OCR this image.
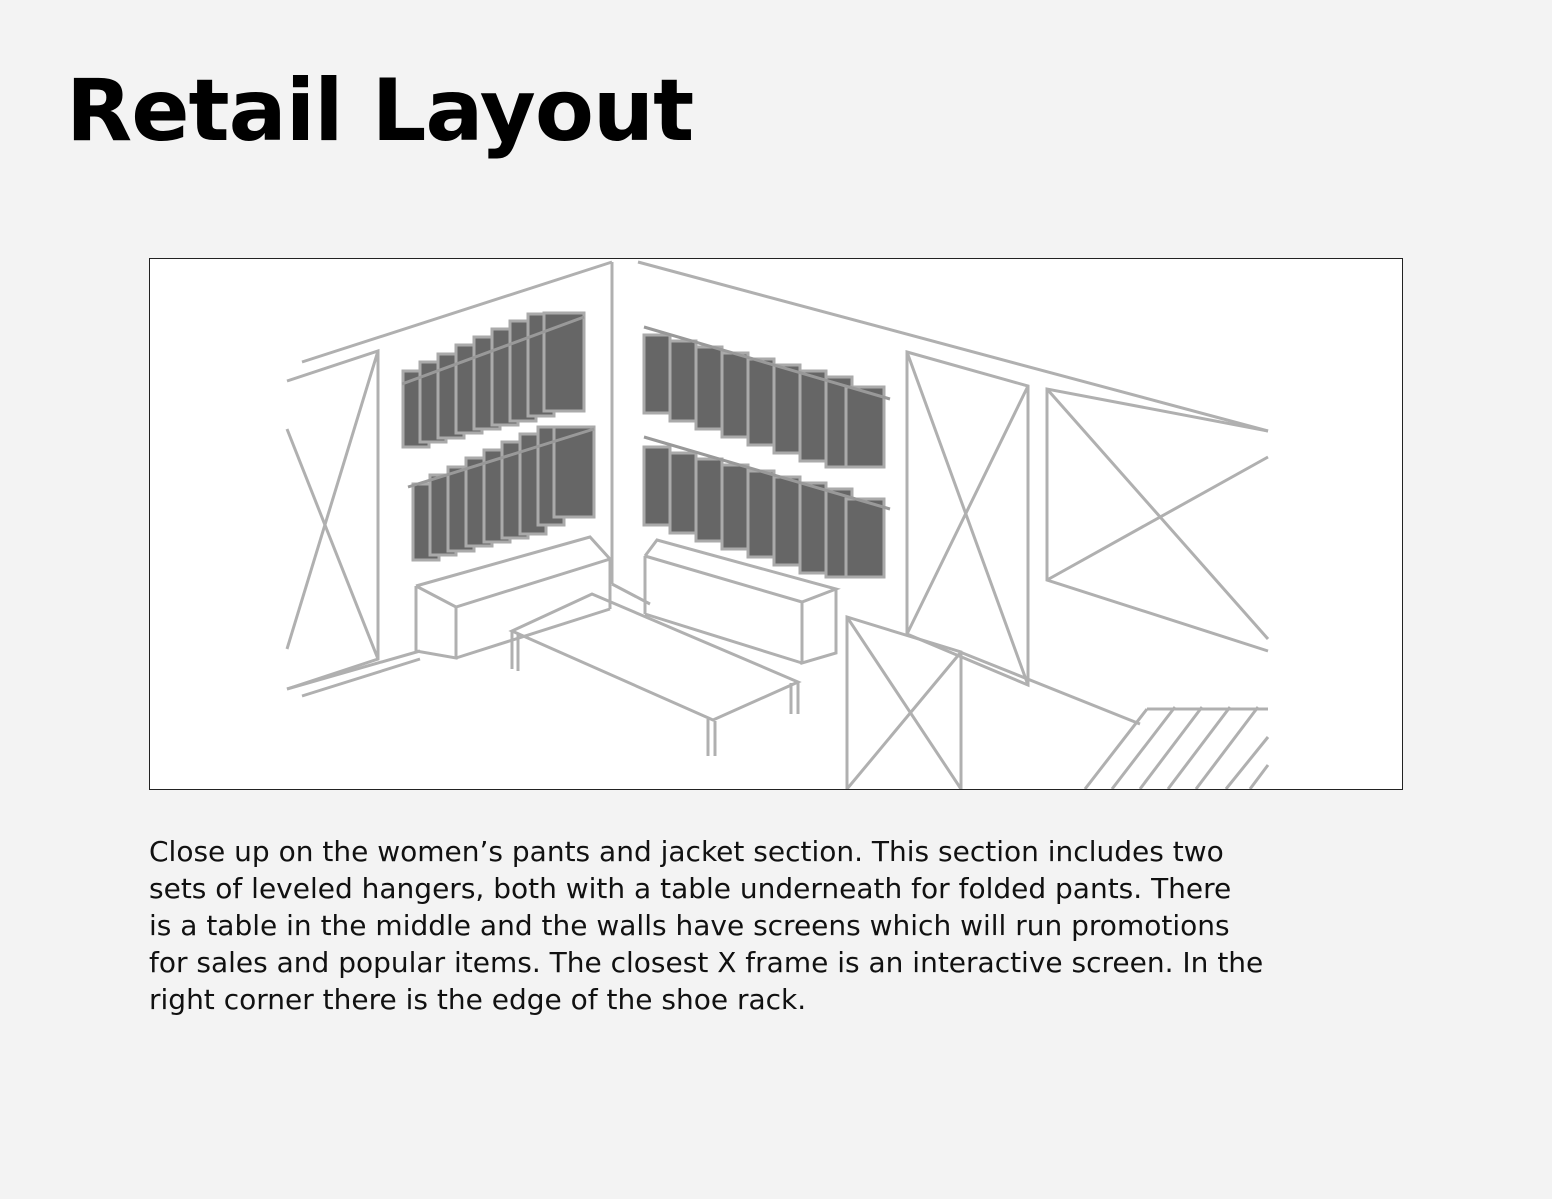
Retail Layout

Close up on the women’s pants and jacket section. This section includes two
sets of leveled hangers, both with a table underneath for folded pants. There
is a table in the middle and the walls have screens which will run promotions
for sales and popular items. The closest X frame is an interactive screen. In the
right corner there is the edge of the shoe rack.
